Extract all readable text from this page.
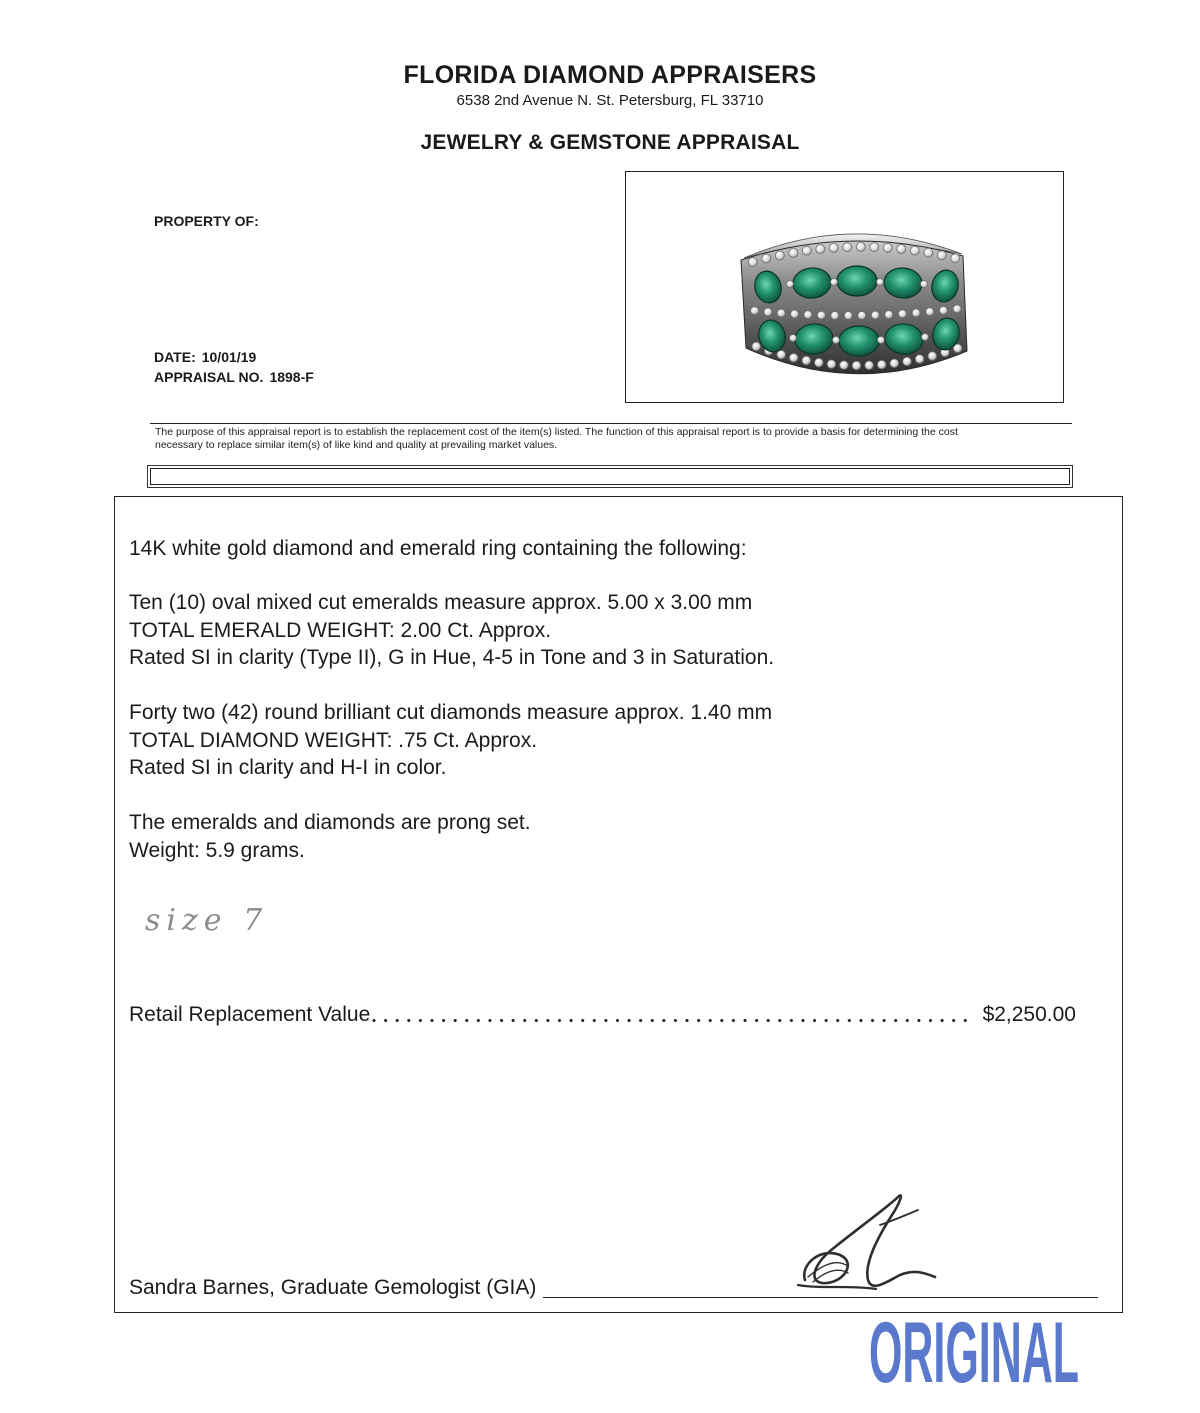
FLORIDA DIAMOND APPRAISERS
6538 2nd Avenue N. St. Petersburg, FL 33710
JEWELRY & GEMSTONE APPRAISAL
PROPERTY OF:
DATE: 10/01/19
APPRAISAL NO. 1898-F
The purpose of this appraisal report is to establish the replacement cost of the item(s) listed. The function of this appraisal report is to provide a basis for determining the cost
necessary to replace similar item(s) of like kind and quality at prevailing market values.
14K white gold diamond and emerald ring containing the following:
Ten (10) oval mixed cut emeralds measure approx. 5.00 x 3.00 mm
TOTAL EMERALD WEIGHT: 2.00 Ct. Approx.
Rated SI in clarity (Type II), G in Hue, 4-5 in Tone and 3 in Saturation.
Forty two (42) round brilliant cut diamonds measure approx. 1.40 mm
TOTAL DIAMOND WEIGHT: .75 Ct. Approx.
Rated SI in clarity and H-I in color.
The emeralds and diamonds are prong set.
Weight: 5.9 grams.
size 7
Retail Replacement Value	$2,250.00
Sandra Barnes, Graduate Gemologist (GIA)
ORIGINAL
